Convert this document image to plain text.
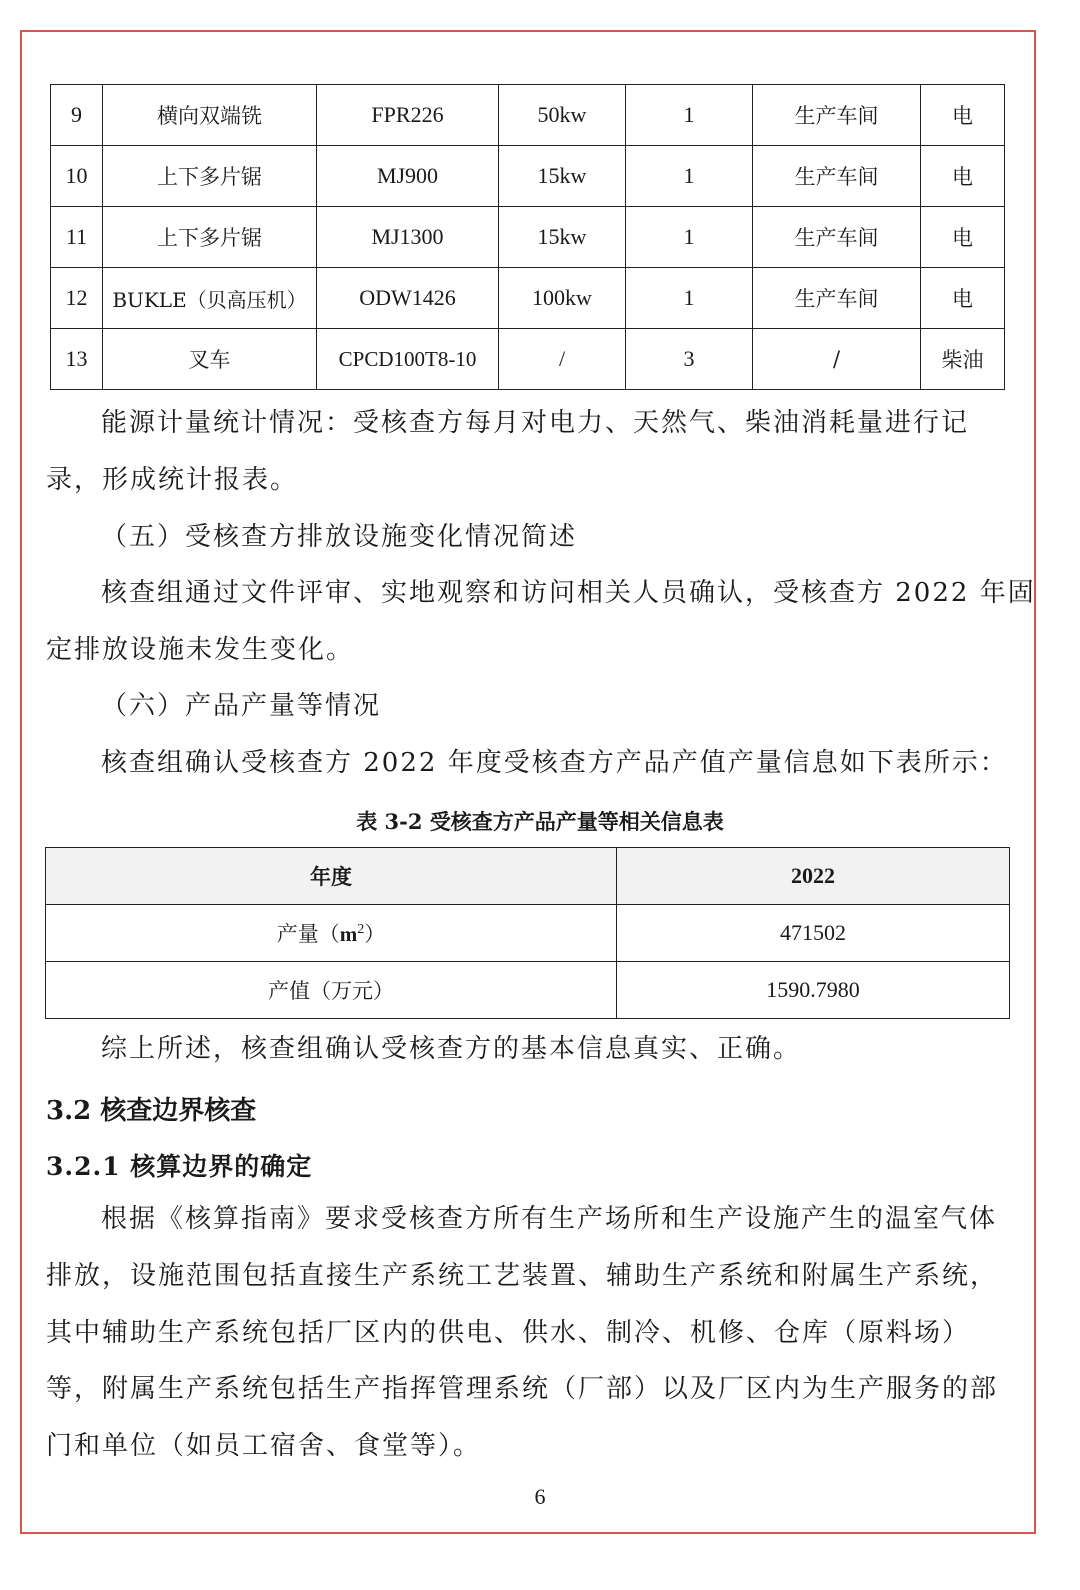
9	横向双端铣	FPR226	50kw	1	生产车间	电
10	上下多片锯	MJ900	15kw	1	生产车间	电
11	上下多片锯	MJ1300	15kw	1	生产车间	电
12	BUKLE（贝高压机）	ODW1426	100kw	1	生产车间	电
13	叉车	CPCD100T8-10	/	3	/	柴油

能源计量统计情况：受核查方每月对电力、天然气、柴油消耗量进行记

录，形成统计报表。

（五）受核查方排放设施变化情况简述

核查组通过文件评审、实地观察和访问相关人员确认，受核查方 2022 年固

定排放设施未发生变化。

（六）产品产量等情况

核查组确认受核查方 2022 年度受核查方产品产值产量信息如下表所示：

表 3-2 受核查方产品产量等相关信息表
年度	2022
产量$(m^2)$	471502
产值（万元）	1590.7980

综上所述，核查组确认受核查方的基本信息真实、正确。

3.2 核查边界核查
3.2.1 核算边界的确定

根据《核算指南》要求受核查方所有生产场所和生产设施产生的温室气体

排放，设施范围包括直接生产系统工艺装置、辅助生产系统和附属生产系统，

其中辅助生产系统包括厂区内的供电、供水、制冷、机修、仓库（原料场）

等，附属生产系统包括生产指挥管理系统（厂部）以及厂区内为生产服务的部

门和单位（如员工宿舍、食堂等）。

6
